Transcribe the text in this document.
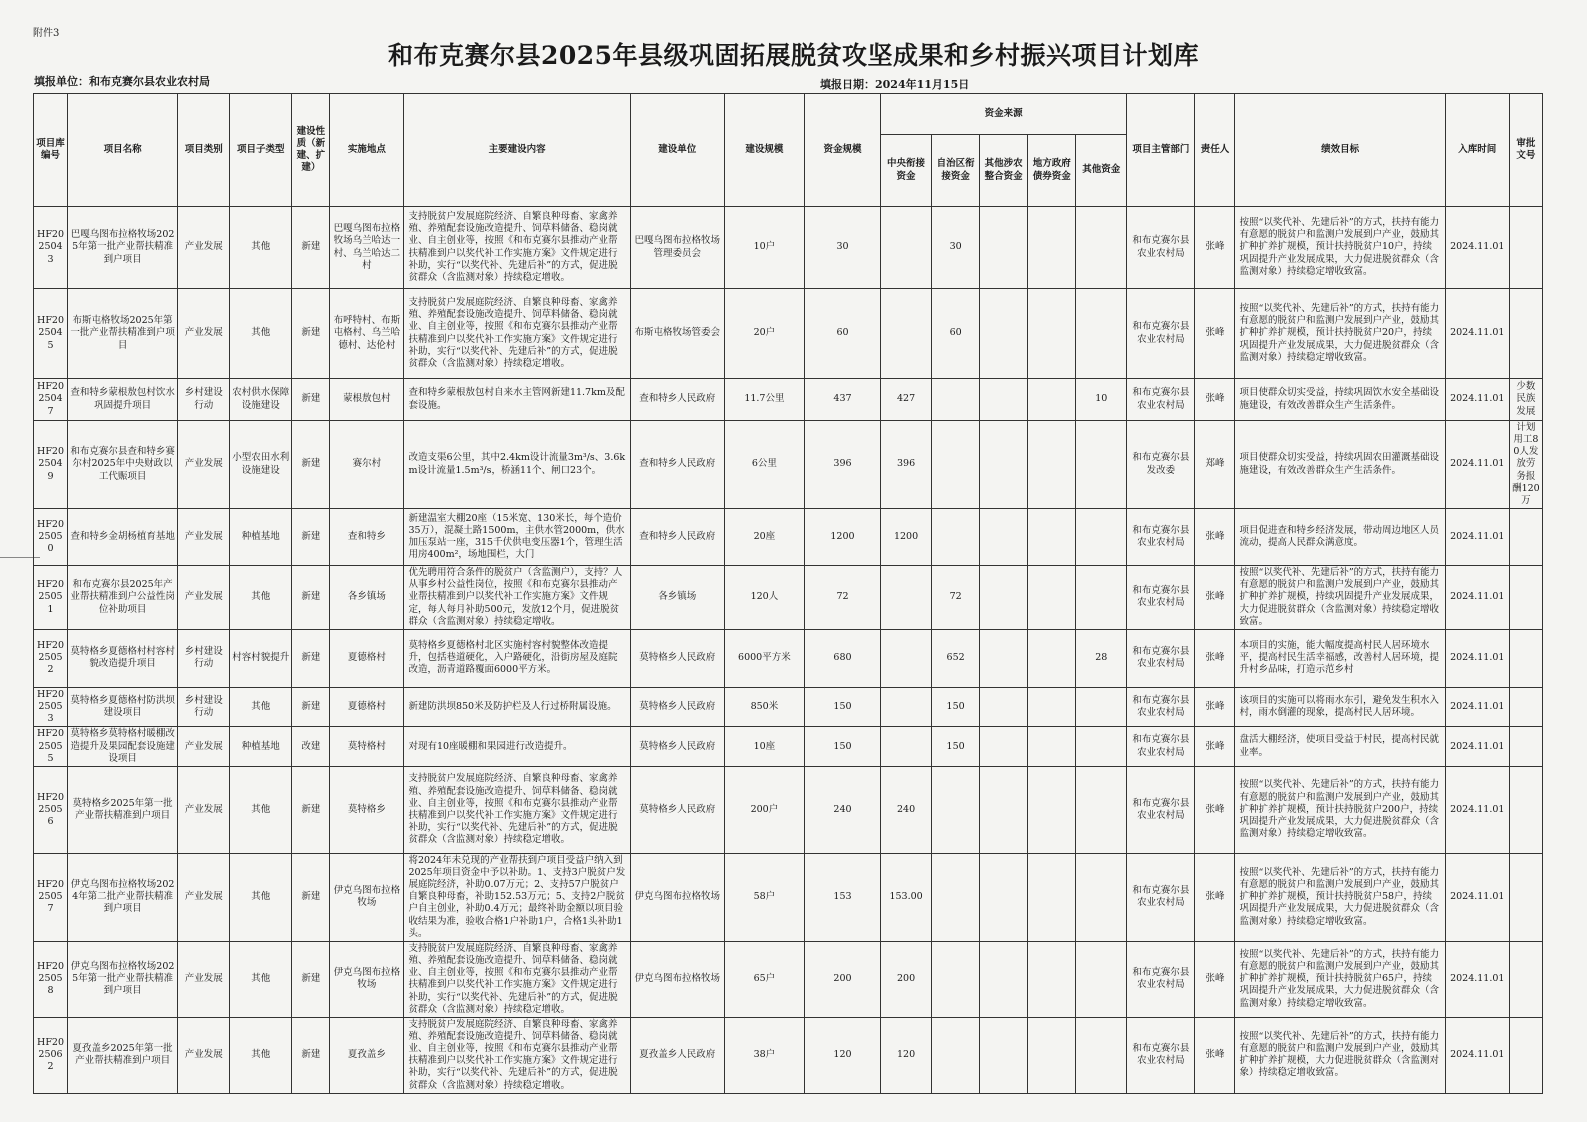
附件3
和布克赛尔县2025年县级巩固拓展脱贫攻坚成果和乡村振兴项目计划库
填报单位：和布克赛尔县农业农村局	填报日期：2024年11月15日
项目库编号	项目名称	项目类别	项目子类型	建设性质（新建、扩建）	实施地点	主要建设内容	建设单位	建设规模	资金规模	资金来源					项目主管部门	责任人	绩效目标	入库时间	审批文号
										中央衔接资金	自治区衔接资金	其他涉农整合资金	地方政府债券资金	其他资金					
HF2025043	巴嘎乌图布拉格牧场2025年第一批产业帮扶精准到户项目	产业发展	其他	新建	巴嘎乌图布拉格牧场乌兰哈达一村、乌兰哈达二村	支持脱贫户发展庭院经济、自繁良种母畜、家禽养殖、养殖配套设施改造提升、饲草料储备、稳岗就业、自主创业等，按照《和布克赛尔县推动产业帮扶精准到户以奖代补工作实施方案》文件规定进行补助，实行“以奖代补、先建后补”的方式，促进脱贫群众（含监测对象）持续稳定增收。	巴嘎乌图布拉格牧场管理委员会	10户	30		30				和布克赛尔县农业农村局	张峰	按照“以奖代补、先建后补”的方式，扶持有能力有意愿的脱贫户和监测户发展到户产业，鼓励其扩种扩养扩规模，预计扶持脱贫户10户，持续巩固提升产业发展成果，大力促进脱贫群众（含监测对象）持续稳定增收致富。	2024.11.01	
HF2025045	布斯屯格牧场2025年第一批产业帮扶精准到户项目	产业发展	其他	新建	布呼特村、布斯屯格村、乌兰哈德村、达伦村	支持脱贫户发展庭院经济、自繁良种母畜、家禽养殖、养殖配套设施改造提升、饲草料储备、稳岗就业、自主创业等，按照《和布克赛尔县推动产业帮扶精准到户以奖代补工作实施方案》文件规定进行补助，实行“以奖代补、先建后补”的方式，促进脱贫群众（含监测对象）持续稳定增收。	布斯屯格牧场管委会	20户	60		60				和布克赛尔县农业农村局	张峰	按照“以奖代补、先建后补”的方式，扶持有能力有意愿的脱贫户和监测户发展到户产业，鼓励其扩种扩养扩规模，预计扶持脱贫户20户，持续巩固提升产业发展成果，大力促进脱贫群众（含监测对象）持续稳定增收致富。	2024.11.01	
HF2025047	查和特乡蒙根敖包村饮水巩固提升项目	乡村建设行动	农村供水保障设施建设	新建	蒙根敖包村	查和特乡蒙根敖包村自来水主管网新建11.7km及配套设施。	查和特乡人民政府	11.7公里	437	427				10	和布克赛尔县农业农村局	张峰	项目使群众切实受益，持续巩固饮水安全基础设施建设，有效改善群众生产生活条件。	2024.11.01	少数民族发展
HF2025049	和布克赛尔县查和特乡赛尔村2025年中央财政以工代赈项目	产业发展	小型农田水利设施建设	新建	赛尔村	改造支渠6公里，其中2.4km设计流量3m³/s、3.6km设计流量1.5m³/s，桥涵11个、闸口23个。	查和特乡人民政府	6公里	396	396					和布克赛尔县发改委	郑峰	项目使群众切实受益，持续巩固农田灌溉基础设施建设，有效改善群众生产生活条件。	2024.11.01	计划用工80人发放劳务报酬120万
HF2025050	查和特乡金胡杨植育基地	产业发展	种植基地	新建	查和特乡	新建温室大棚20座（15米宽、130米长，每个造价35万），混凝土路1500m，主供水管2000m，供水加压泵站一座，315千伏供电变压器1个，管理生活用房400m²，场地围栏，大门	查和特乡人民政府	20座	1200	1200					和布克赛尔县农业农村局	张峰	项目促进查和特乡经济发展，带动周边地区人员流动，提高人民群众满意度。	2024.11.01	
HF2025051	和布克赛尔县2025年产业帮扶精准到户公益性岗位补助项目	产业发展	其他	新建	各乡镇场	优先聘用符合条件的脱贫户（含监测户），支持？人从事乡村公益性岗位，按照《和布克赛尔县推动产业帮扶精准到户以奖代补工作实施方案》文件规定，每人每月补助500元，发放12个月，促进脱贫群众（含监测对象）持续稳定增收。	各乡镇场	120人	72		72				和布克赛尔县农业农村局	张峰	按照“以奖代补、先建后补”的方式，扶持有能力有意愿的脱贫户和监测户发展到户产业，鼓励其扩种扩养扩规模，持续巩固提升产业发展成果，大力促进脱贫群众（含监测对象）持续稳定增收致富。	2024.11.01	
HF2025052	莫特格乡夏德格村村容村貌改造提升项目	乡村建设行动	村容村貌提升	新建	夏德格村	莫特格乡夏德格村北区实施村容村貌整体改造提升，包括巷道硬化，入户路硬化，沿街房屋及庭院改造，沥青道路覆面6000平方米。	莫特格乡人民政府	6000平方米	680		652			28	和布克赛尔县农业农村局	张峰	本项目的实施，能大幅度提高村民人居环境水平，提高村民生活幸福感，改善村人居环境，提升村乡品味，打造示范乡村	2024.11.01	
HF2025053	莫特格乡夏德格村防洪坝建设项目	乡村建设行动	其他	新建	夏德格村	新建防洪坝850米及防护栏及人行过桥附属设施。	莫特格乡人民政府	850米	150		150				和布克赛尔县农业农村局	张峰	该项目的实施可以将雨水东引，避免发生积水入村，雨水倒灌的现象，提高村民人居环境。	2024.11.01	
HF2025055	莫特格乡莫特格村暖棚改造提升及果园配套设施建设项目	产业发展	种植基地	改建	莫特格村	对现有10座暖棚和果园进行改造提升。	莫特格乡人民政府	10座	150		150				和布克赛尔县农业农村局	张峰	盘活大棚经济，使项目受益于村民，提高村民就业率。	2024.11.01	
HF2025056	莫特格乡2025年第一批产业帮扶精准到户项目	产业发展	其他	新建	莫特格乡	支持脱贫户发展庭院经济、自繁良种母畜、家禽养殖、养殖配套设施改造提升、饲草料储备、稳岗就业、自主创业等，按照《和布克赛尔县推动产业帮扶精准到户以奖代补工作实施方案》文件规定进行补助，实行“以奖代补、先建后补”的方式，促进脱贫群众（含监测对象）持续稳定增收。	莫特格乡人民政府	200户	240	240					和布克赛尔县农业农村局	张峰	按照“以奖代补、先建后补”的方式，扶持有能力有意愿的脱贫户和监测户发展到户产业，鼓励其扩种扩养扩规模，预计扶持脱贫户200户，持续巩固提升产业发展成果，大力促进脱贫群众（含监测对象）持续稳定增收致富。	2024.11.01	
HF2025057	伊克乌图布拉格牧场2024年第二批产业帮扶精准到户项目	产业发展	其他	新建	伊克乌图布拉格牧场	将2024年未兑现的产业帮扶到户项目受益户纳入到2025年项目资金中予以补助。1、支持3户脱贫户发展庭院经济，补助0.07万元；2、支持57户脱贫户自繁良种母畜，补助152.53万元；5、支持2户脱贫户自主创业，补助0.4万元；最终补助金额以项目验收结果为准，验收合格1户补助1户，合格1头补助1头。	伊克乌图布拉格牧场	58户	153	153.00					和布克赛尔县农业农村局	张峰	按照“以奖代补、先建后补”的方式，扶持有能力有意愿的脱贫户和监测户发展到户产业，鼓励其扩种扩养扩规模，预计扶持脱贫户58户，持续巩固提升产业发展成果，大力促进脱贫群众（含监测对象）持续稳定增收致富。	2024.11.01	
HF2025058	伊克乌图布拉格牧场2025年第一批产业帮扶精准到户项目	产业发展	其他	新建	伊克乌图布拉格牧场	支持脱贫户发展庭院经济、自繁良种母畜、家禽养殖、养殖配套设施改造提升、饲草料储备、稳岗就业、自主创业等，按照《和布克赛尔县推动产业帮扶精准到户以奖代补工作实施方案》文件规定进行补助，实行“以奖代补、先建后补”的方式，促进脱贫群众（含监测对象）持续稳定增收。	伊克乌图布拉格牧场	65户	200	200					和布克赛尔县农业农村局	张峰	按照“以奖代补、先建后补”的方式，扶持有能力有意愿的脱贫户和监测户发展到户产业，鼓励其扩种扩养扩规模，预计扶持脱贫户65户，持续巩固提升产业发展成果，大力促进脱贫群众（含监测对象）持续稳定增收致富。	2024.11.01	
HF2025062	夏孜盖乡2025年第一批产业帮扶精准到户项目	产业发展	其他	新建	夏孜盖乡	支持脱贫户发展庭院经济、自繁良种母畜、家禽养殖、养殖配套设施改造提升、饲草料储备、稳岗就业、自主创业等，按照《和布克赛尔县推动产业帮扶精准到户以奖代补工作实施方案》文件规定进行补助，实行“以奖代补、先建后补”的方式，促进脱贫群众（含监测对象）持续稳定增收。	夏孜盖乡人民政府	38户	120	120					和布克赛尔县农业农村局	张峰	按照“以奖代补、先建后补”的方式，扶持有能力有意愿的脱贫户和监测户发展到户产业，鼓励其扩种扩养扩规模，大力促进脱贫群众（含监测对象）持续稳定增收致富。	2024.11.01	
